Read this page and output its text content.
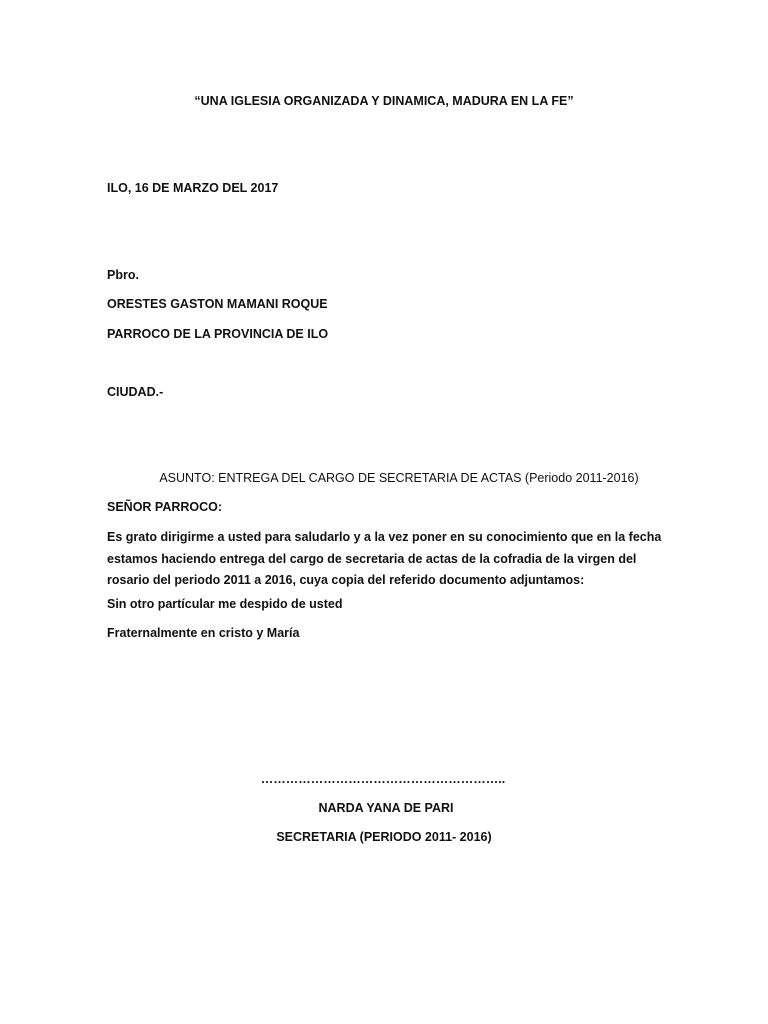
“UNA IGLESIA ORGANIZADA Y DINAMICA, MADURA EN LA FE”
ILO, 16 DE MARZO DEL 2017
Pbro.
ORESTES GASTON MAMANI ROQUE
PARROCO DE LA PROVINCIA DE ILO
CIUDAD.-
ASUNTO: ENTREGA DEL CARGO DE SECRETARIA DE ACTAS (Periodo 2011-2016)
SEÑOR PARROCO:
Es grato dirigirme a usted para saludarlo y a la vez poner en su conocimiento que en la fecha estamos haciendo entrega del cargo de secretaria de actas de la cofradia de la virgen del rosario del periodo 2011 a 2016, cuya copia del referido documento adjuntamos:
Sin otro partícular me despido de usted
Fraternalmente en cristo y María
…………………………………………………..
NARDA YANA DE PARI
SECRETARIA (PERIODO 2011- 2016)
